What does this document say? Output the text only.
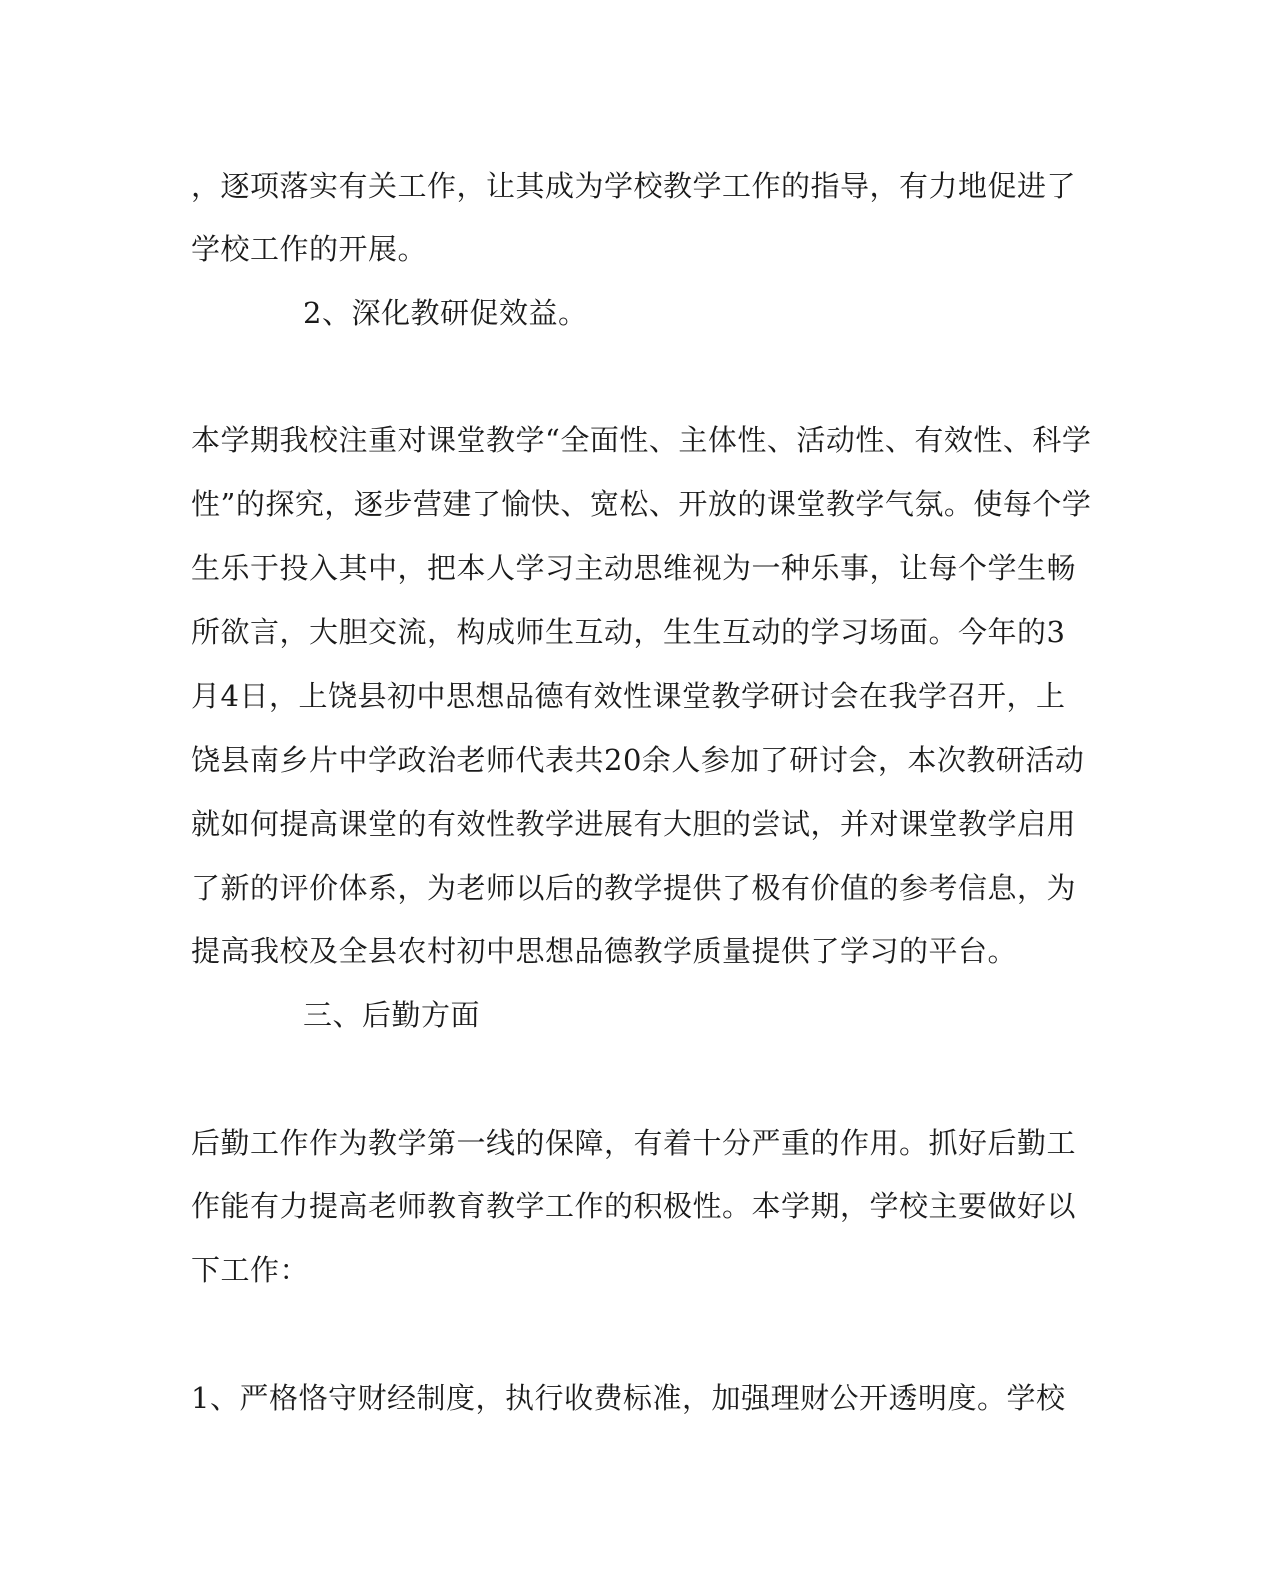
，逐项落实有关工作，让其成为学校教学工作的指导，有力地促进了
学校工作的开展。
2、深化教研促效益。
本学期我校注重对课堂教学“全面性、主体性、活动性、有效性、科学
性”的探究，逐步营建了愉快、宽松、开放的课堂教学气氛。使每个学
生乐于投入其中，把本人学习主动思维视为一种乐事，让每个学生畅
所欲言，大胆交流，构成师生互动，生生互动的学习场面。今年的3
月4日，上饶县初中思想品德有效性课堂教学研讨会在我学召开，上
饶县南乡片中学政治老师代表共20余人参加了研讨会，本次教研活动
就如何提高课堂的有效性教学进展有大胆的尝试，并对课堂教学启用
了新的评价体系，为老师以后的教学提供了极有价值的参考信息，为
提高我校及全县农村初中思想品德教学质量提供了学习的平台。
三、后勤方面
后勤工作作为教学第一线的保障，有着十分严重的作用。抓好后勤工
作能有力提高老师教育教学工作的积极性。本学期，学校主要做好以
下工作：
1、严格恪守财经制度，执行收费标准，加强理财公开透明度。学校
